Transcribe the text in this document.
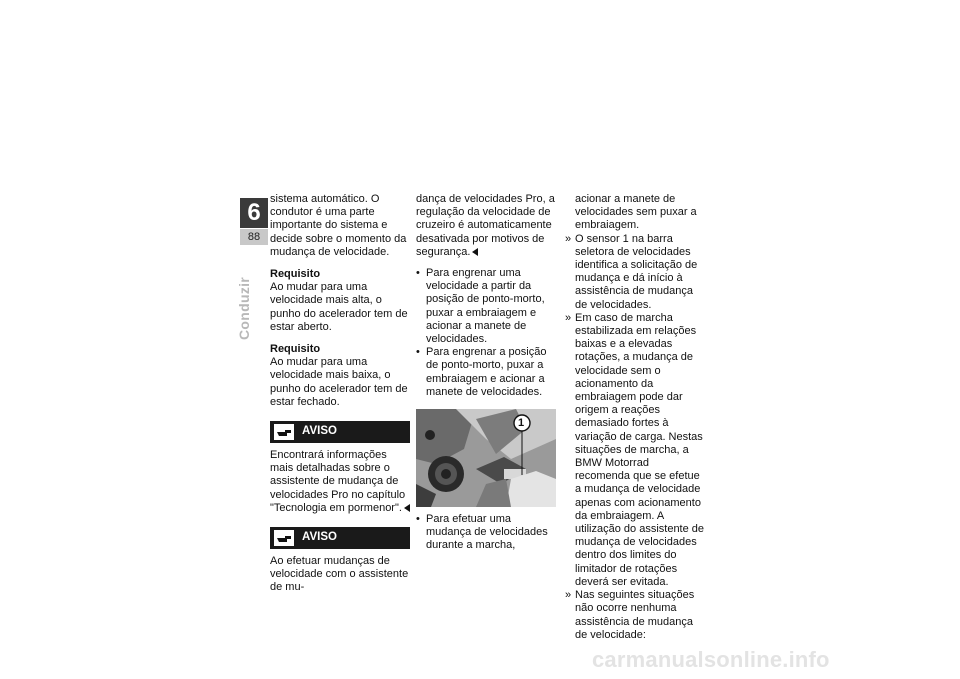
6
88
Conduzir

sistema automático. O condutor é uma parte importante do sistema e decide sobre o momento da mudança de velocidade.

Requisito

Ao mudar para uma velocidade mais alta, o punho do acelerador tem de estar aberto.

Requisito

Ao mudar para uma velocidade mais baixa, o punho do acelerador tem de estar fechado.

AVISO

Encontrará informações mais detalhadas sobre o assistente de mudança de velocidades Pro no capítulo "Tecnologia em pormenor".

AVISO

Ao efetuar mudanças de velocidade com o assistente de mu-

dança de velocidades Pro, a regulação da velocidade de cruzeiro é automaticamente desativada por motivos de segurança.

• Para engrenar uma velocidade a partir da posição de ponto-morto, puxar a embraiagem e acionar a manete de velocidades.
• Para engrenar a posição de ponto-morto, puxar a embraiagem e acionar a manete de velocidades.
1
• Para efetuar uma mudança de velocidades durante a marcha,

acionar a manete de velocidades sem puxar a embraiagem.

» O sensor 1 na barra seletora de velocidades identifica a solicitação de mudança e dá início à assistência de mudança de velocidades.
» Em caso de marcha estabilizada em relações baixas e a elevadas rotações, a mudança de velocidade sem o acionamento da embraiagem pode dar origem a reações demasiado fortes à variação de carga. Nestas situações de marcha, a BMW Motorrad recomenda que se efetue a mudança de velocidade apenas com acionamento da embraiagem. A utilização do assistente de mudança de velocidades dentro dos limites do limitador de rotações deverá ser evitada.
» Nas seguintes situações não ocorre nenhuma assistência de mudança de velocidade:
carmanualsonline.info
